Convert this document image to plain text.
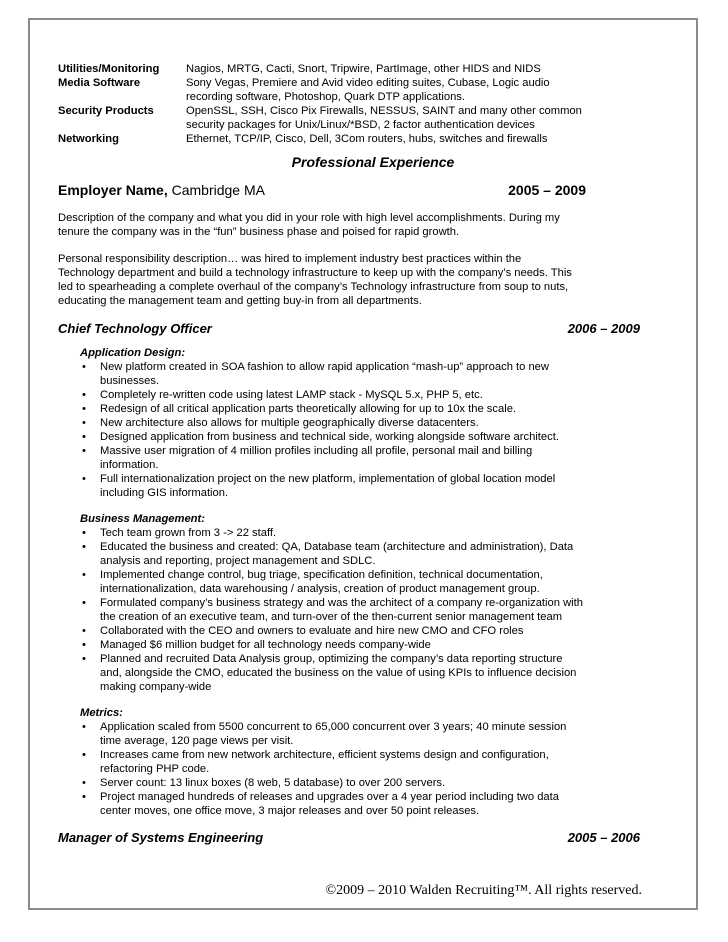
Utilities/Monitoring	Nagios, MRTG, Cacti, Snort, Tripwire, PartImage, other HIDS and NIDS
Media Software	Sony Vegas, Premiere and Avid video editing suites, Cubase, Logic audio
recording software, Photoshop, Quark DTP applications.
Security Products	OpenSSL, SSH, Cisco Pix Firewalls, NESSUS, SAINT and many other common
security packages for Unix/Linux/*BSD, 2 factor authentication devices
Networking	Ethernet, TCP/IP, Cisco, Dell, 3Com routers, hubs, switches and firewalls
Professional Experience
Employer Name, Cambridge MA	2005 – 2009

Description of the company and what you did in your role with high level accomplishments. During my
tenure the company was in the “fun” business phase and poised for rapid growth.

Personal responsibility description… was hired to implement industry best practices within the
Technology department and build a technology infrastructure to keep up with the company’s needs. This
led to spearheading a complete overhaul of the company’s Technology infrastructure from soup to nuts,
educating the management team and getting buy-in from all departments.

Chief Technology Officer	2006 – 2009
Application Design:
• New platform created in SOA fashion to allow rapid application “mash-up” approach to new
businesses.
• Completely re-written code using latest LAMP stack - MySQL 5.x, PHP 5, etc.
• Redesign of all critical application parts theoretically allowing for up to 10x the scale.
• New architecture also allows for multiple geographically diverse datacenters.
• Designed application from business and technical side, working alongside software architect.
• Massive user migration of 4 million profiles including all profile, personal mail and billing
information.
• Full internationalization project on the new platform, implementation of global location model
including GIS information.
Business Management:
• Tech team grown from 3 -> 22 staff.
• Educated the business and created: QA, Database team (architecture and administration), Data
analysis and reporting, project management and SDLC.
• Implemented change control, bug triage, specification definition, technical documentation,
internationalization, data warehousing / analysis, creation of product management group.
• Formulated company’s business strategy and was the architect of a company re-organization with
the creation of an executive team, and turn-over of the then-current senior management team
• Collaborated with the CEO and owners to evaluate and hire new CMO and CFO roles
• Managed $6 million budget for all technology needs company-wide
• Planned and recruited Data Analysis group, optimizing the company’s data reporting structure
and, alongside the CMO, educated the business on the value of using KPIs to influence decision
making company-wide
Metrics:
• Application scaled from 5500 concurrent to 65,000 concurrent over 3 years; 40 minute session
time average, 120 page views per visit.
• Increases came from new network architecture, efficient systems design and configuration,
refactoring PHP code.
• Server count: 13 linux boxes (8 web, 5 database) to over 200 servers.
• Project managed hundreds of releases and upgrades over a 4 year period including two data
center moves, one office move, 3 major releases and over 50 point releases.
Manager of Systems Engineering	2005 – 2006
©2009 – 2010 Walden Recruiting™. All rights reserved.
